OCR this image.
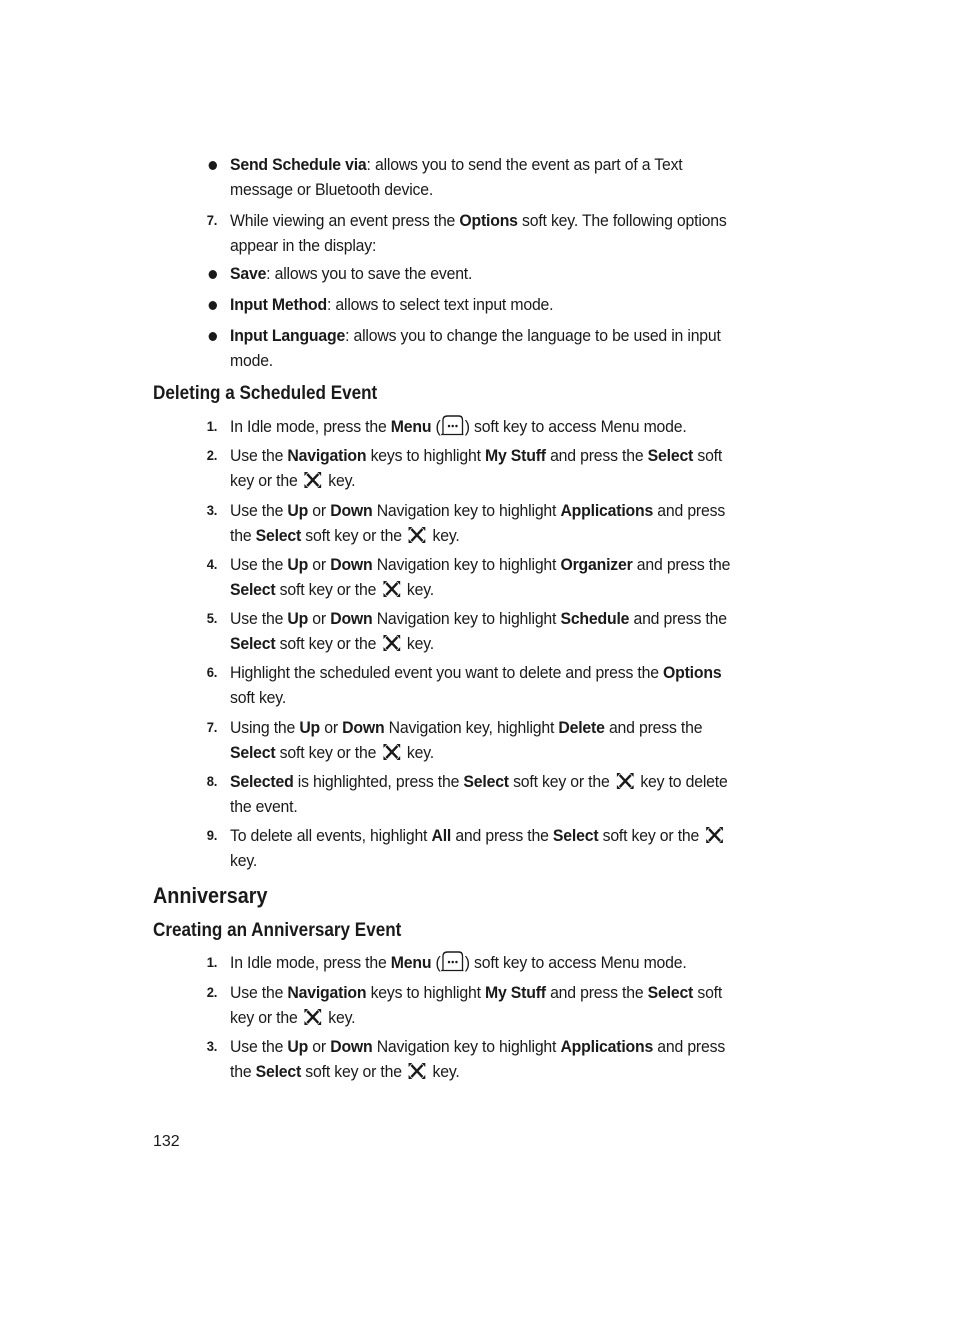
Send Schedule via: allows you to send the event as part of a Text message or Bluetooth device.
7. While viewing an event press the Options soft key. The following options appear in the display:
Save: allows you to save the event.
Input Method: allows to select text input mode.
Input Language: allows you to change the language to be used in input mode.
Deleting a Scheduled Event
1. In Idle mode, press the Menu ( ) soft key to access Menu mode.
2. Use the Navigation keys to highlight My Stuff and press the Select soft key or the  key.
3. Use the Up or Down Navigation key to highlight Applications and press the Select soft key or the  key.
4. Use the Up or Down Navigation key to highlight Organizer and press the Select soft key or the  key.
5. Use the Up or Down Navigation key to highlight Schedule and press the Select soft key or the  key.
6. Highlight the scheduled event you want to delete and press the Options soft key.
7. Using the Up or Down Navigation key, highlight Delete and press the Select soft key or the  key.
8. Selected is highlighted, press the Select soft key or the  key to delete the event.
9. To delete all events, highlight All and press the Select soft key or the  key.
Anniversary
Creating an Anniversary Event
1. In Idle mode, press the Menu ( ) soft key to access Menu mode.
2. Use the Navigation keys to highlight My Stuff and press the Select soft key or the  key.
3. Use the Up or Down Navigation key to highlight Applications and press the Select soft key or the  key.
132
